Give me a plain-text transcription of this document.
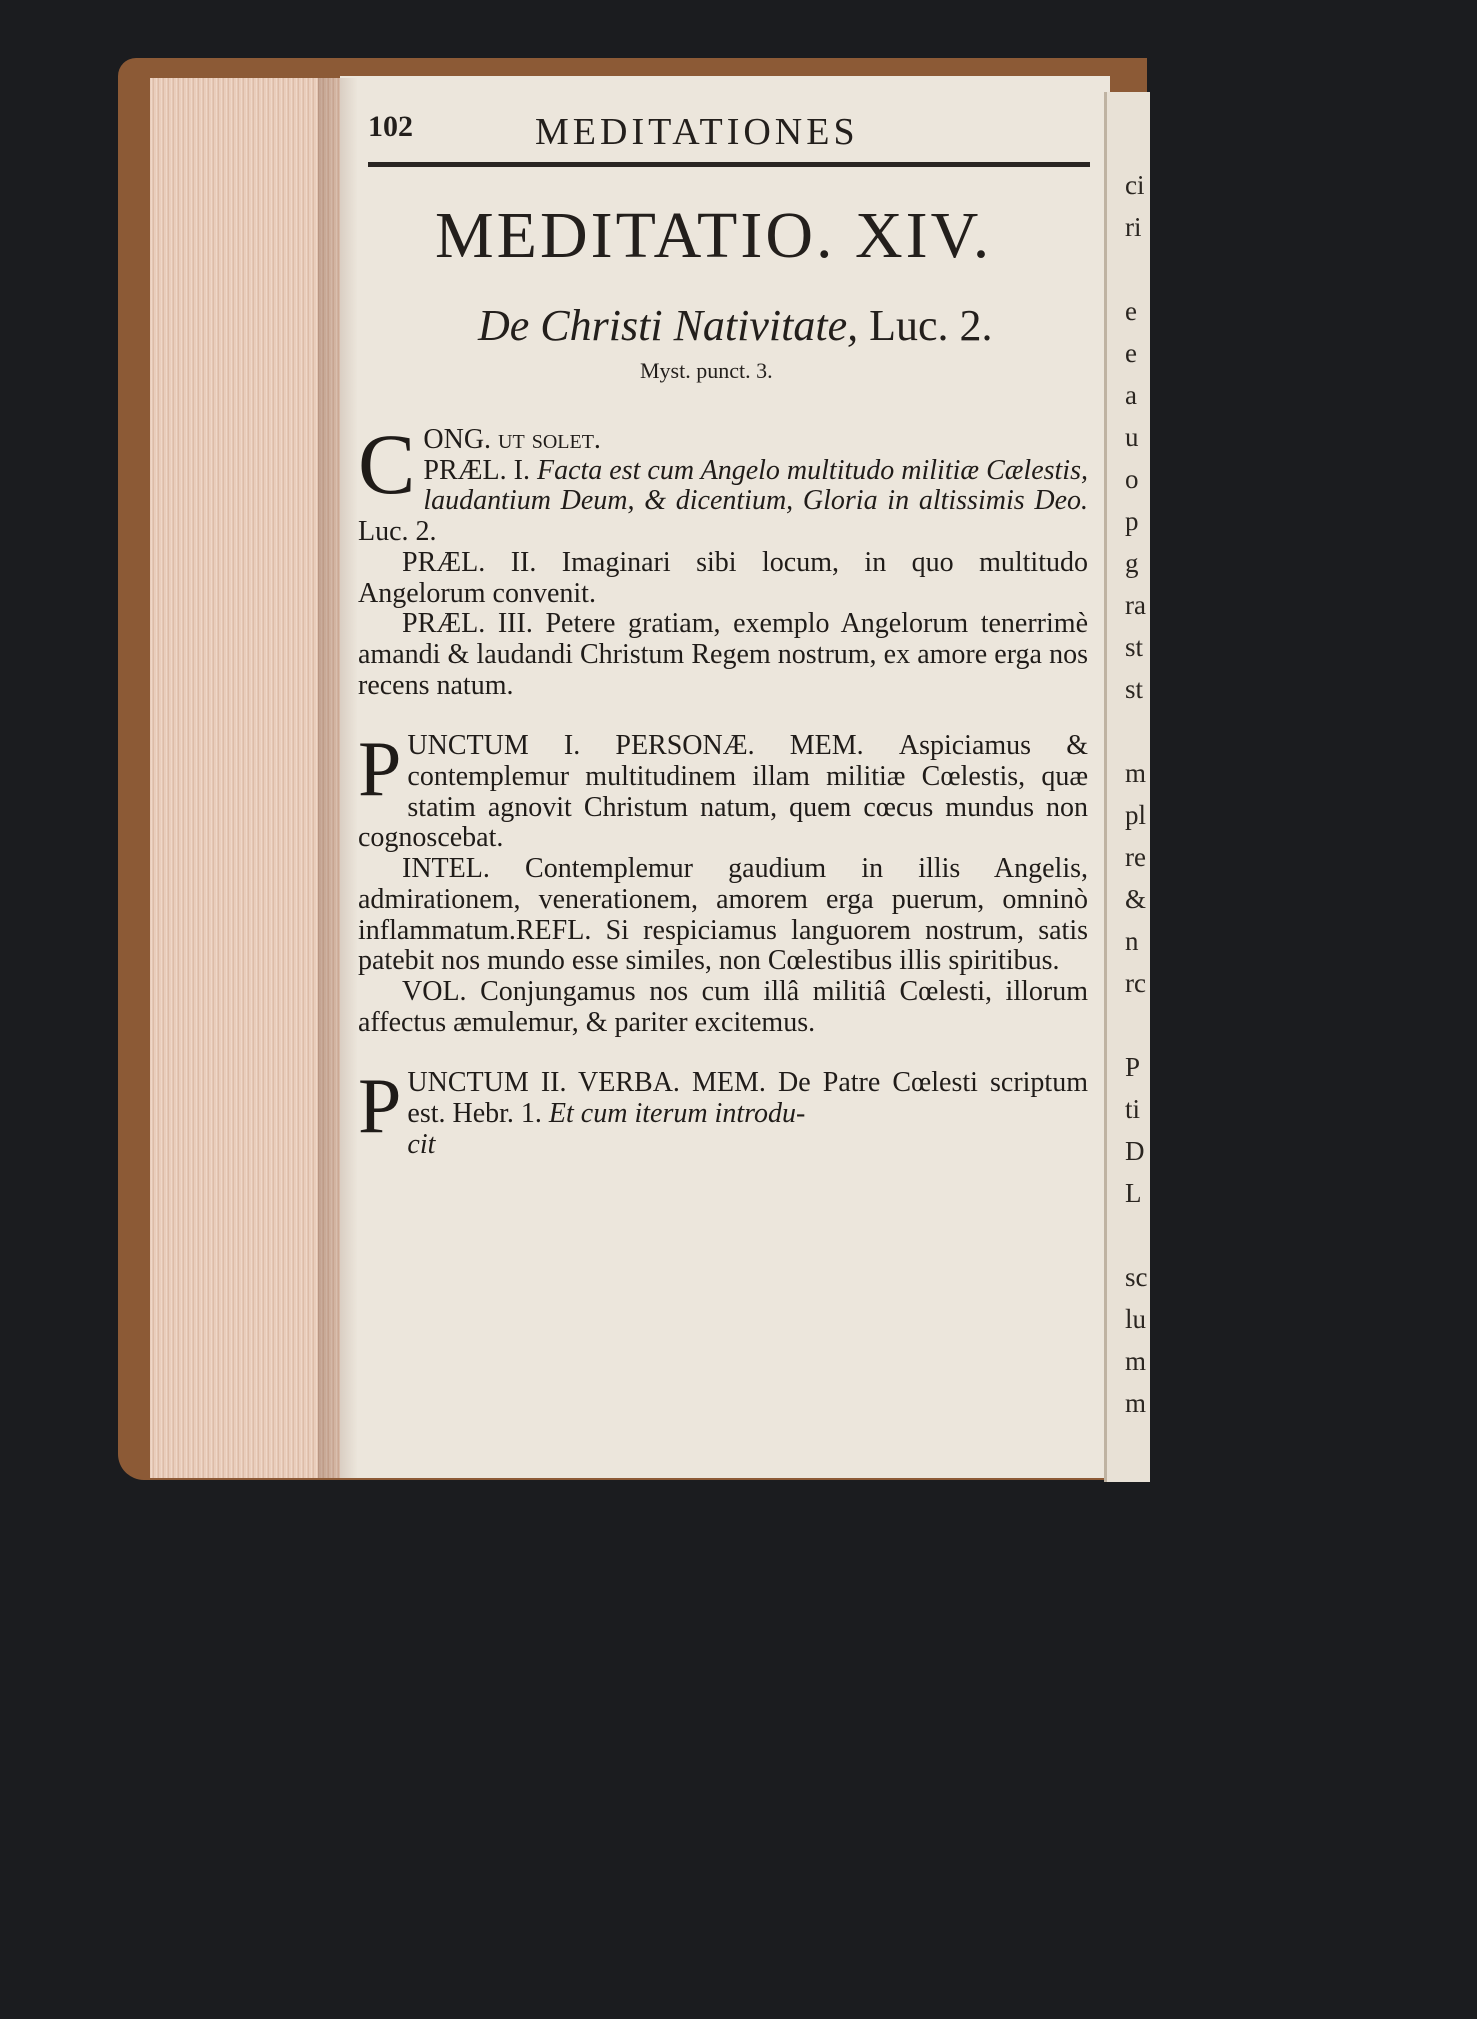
ci
ri
e
e
a
u
o
p
g
ra
st
st
m
pl
re
&
n
rc
P
ti
D
L
sc
lu
m
m
102	MEDITATIONES
MEDITATIO. XIV.
De Christi Nativitate, Luc. 2.
Myst. punct. 3.

CONG. ut solet.
PRÆL. I. Facta est cum Angelo multitudo militiæ Cælestis, laudantium Deum, & dicentium, Gloria in altissimis Deo. Luc. 2.

PRÆL. II. Imaginari sibi locum, in quo multitudo Angelorum convenit.

PRÆL. III. Petere gratiam, exemplo Angelorum tenerrimè amandi & laudandi Christum Regem nostrum, ex amore erga nos recens natum.

PUNCTUM I. PERSONÆ. MEM. Aspiciamus & contemplemur multitudinem illam militiæ Cœlestis, quæ statim agnovit Christum natum, quem cœcus mundus non cognoscebat.

INTEL. Contemplemur gaudium in illis Angelis, admirationem, venerationem, amorem erga puerum, omninò inflammatum.REFL. Si respiciamus languorem nostrum, satis patebit nos mundo esse similes, non Cœlestibus illis spiritibus.

VOL. Conjungamus nos cum illâ militiâ Cœlesti, illorum affectus æmulemur, & pariter excitemus.

PUNCTUM II. VERBA. MEM. De Patre Cœlesti scriptum est. Hebr. 1. Et cum iterum introdu-

cit
